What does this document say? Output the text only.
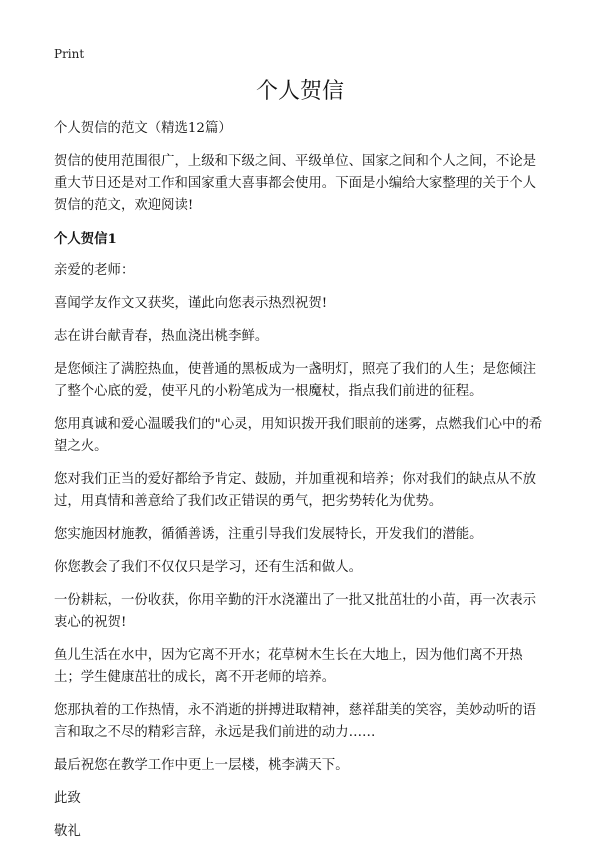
Print
个人贺信

个人贺信的范文（精选12篇）

贺信的使用范围很广，上级和下级之间、平级单位、国家之间和个人之间，不论是重大节日还是对工作和国家重大喜事都会使用。下面是小编给大家整理的关于个人贺信的范文，欢迎阅读!

个人贺信1

亲爱的老师：

喜闻学友作文又获奖，谨此向您表示热烈祝贺!

志在讲台献青春，热血浇出桃李鲜。

是您倾注了满腔热血，使普通的黑板成为一盏明灯，照亮了我们的人生；是您倾注了整个心底的爱，使平凡的小粉笔成为一根魔杖，指点我们前进的征程。

您用真诚和爱心温暖我们的"心灵，用知识拨开我们眼前的迷雾，点燃我们心中的希望之火。

您对我们正当的爱好都给予肯定、鼓励，并加重视和培养；你对我们的缺点从不放过，用真情和善意给了我们改正错误的勇气，把劣势转化为优势。

您实施因材施教，循循善诱，注重引导我们发展特长，开发我们的潜能。

你您教会了我们不仅仅只是学习，还有生活和做人。

一份耕耘，一份收获，你用辛勤的汗水浇灌出了一批又批茁壮的小苗，再一次表示衷心的祝贺!

鱼儿生活在水中，因为它离不开水；花草树木生长在大地上，因为他们离不开热土；学生健康茁壮的成长，离不开老师的培养。

您那执着的工作热情，永不消逝的拼搏进取精神，慈祥甜美的笑容，美妙动听的语言和取之不尽的精彩言辞，永远是我们前进的动力……

最后祝您在教学工作中更上一层楼，桃李满天下。

此致

敬礼
